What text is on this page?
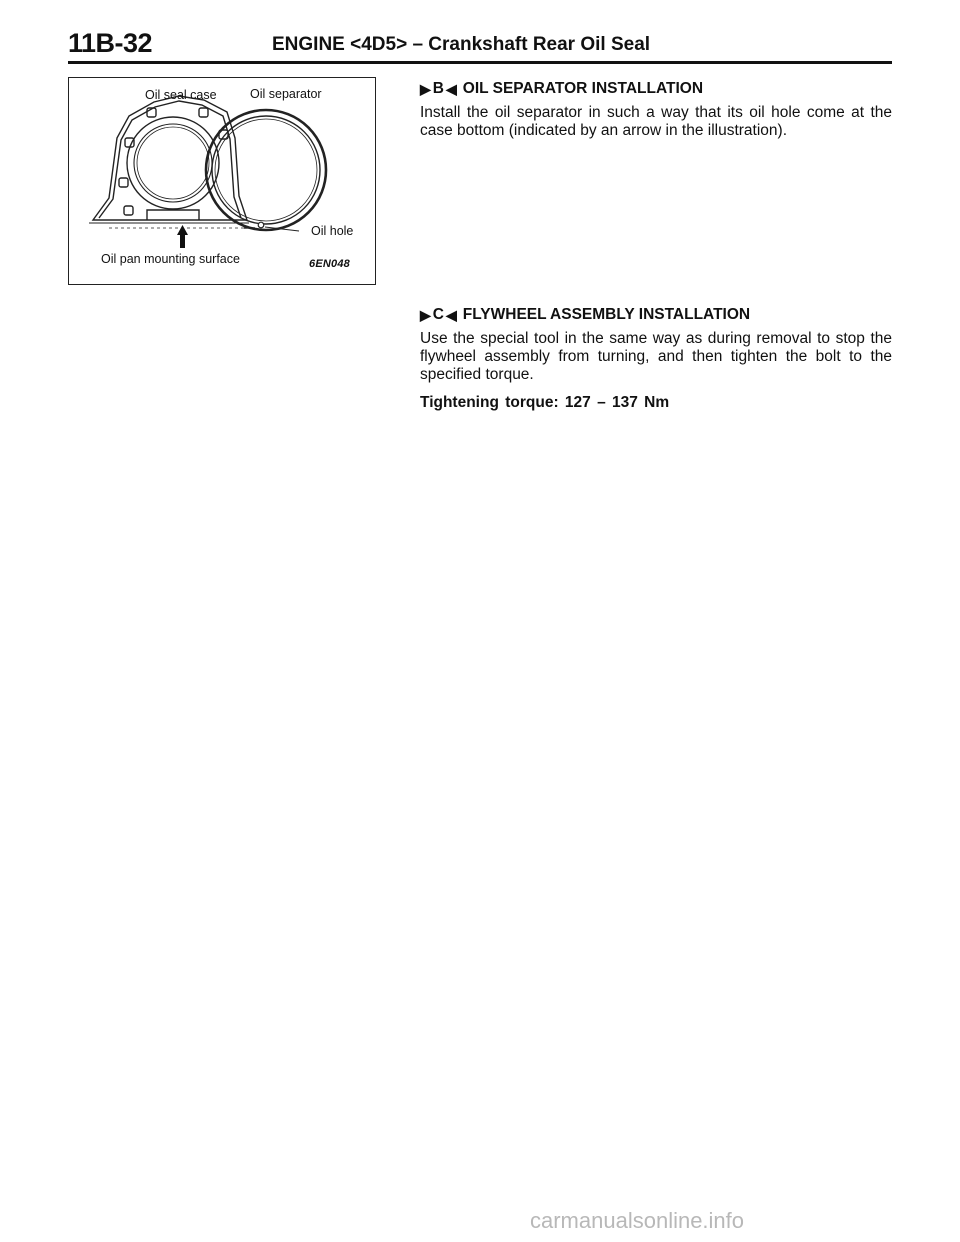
11B-32	ENGINE <4D5> – Crankshaft Rear Oil Seal
Oil seal case	Oil separator
Oil hole
Oil pan mounting surface	6EN048
▶ B ◀ OIL SEPARATOR INSTALLATION

Install the oil separator in such a way that its oil hole come at the case bottom (indicated by an arrow in the illustration).

▶ C ◀ FLYWHEEL ASSEMBLY INSTALLATION

Use the special tool in the same way as during removal to stop the flywheel assembly from turning, and then tighten the bolt to the specified torque.

Tightening torque: 127 – 137 Nm

carmanualsonline.info
